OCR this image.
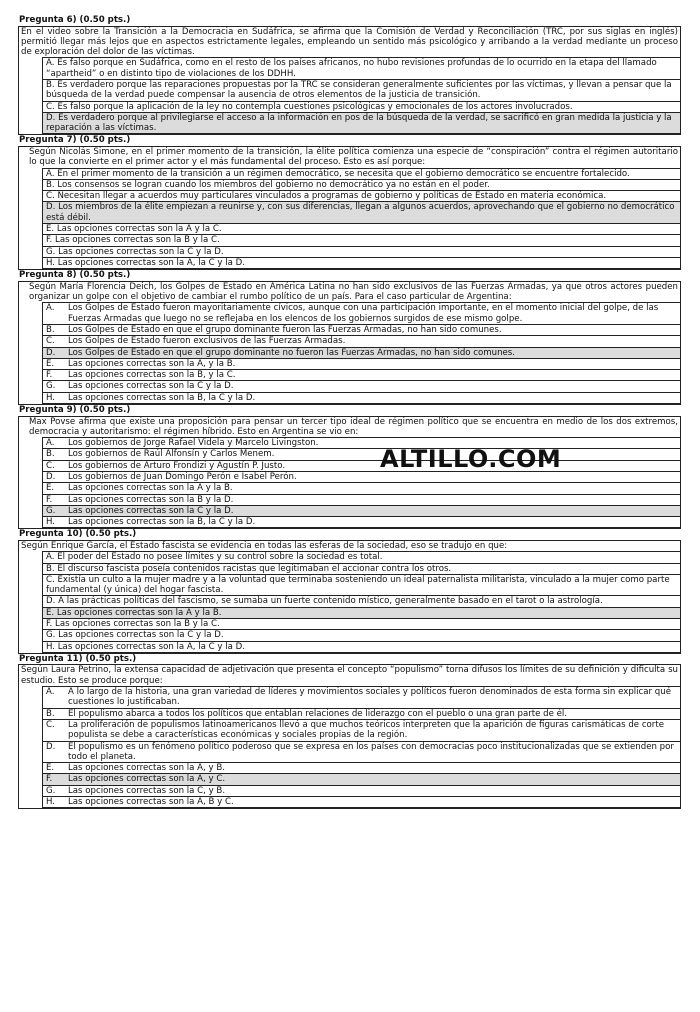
Pregunta 6) (0.50 pts.)
En el video sobre la Transición a la Democracia en Sudáfrica, se afirma que la Comisión de Verdad y Reconciliación (TRC, por sus siglas en inglés) permitió llegar más lejos que en aspectos estrictamente legales, empleando un sentido más psicológico y arribando a la verdad mediante un proceso de exploración del dolor de las víctimas.
A. Es falso porque en Sudáfrica, como en el resto de los países africanos, no hubo revisiones profundas de lo ocurrido en la etapa del llamado “apartheid” o en distinto tipo de violaciones de los DDHH.
B. Es verdadero porque las reparaciones propuestas por la TRC se consideran generalmente suficientes por las víctimas, y llevan a pensar que la búsqueda de la verdad puede compensar la ausencia de otros elementos de la justicia de transición.
C. Es falso porque la aplicación de la ley no contempla cuestiones psicológicas y emocionales de los actores involucrados.
D. Es verdadero porque al privilegiarse el acceso a la información en pos de la búsqueda de la verdad, se sacrificó en gran medida la justicia y la reparación a las víctimas.
Pregunta 7) (0.50 pts.)
Según Nicolás Simone, en el primer momento de la transición, la élite política comienza una especie de “conspiración” contra el régimen autoritario lo que la convierte en el primer actor y el más fundamental del proceso. Esto es así porque:
A. En el primer momento de la transición a un régimen democrático, se necesita que el gobierno democrático se encuentre fortalecido.
B. Los consensos se logran cuando los miembros del gobierno no democrático ya no están en el poder.
C. Necesitan llegar a acuerdos muy particulares vinculados a programas de gobierno y políticas de Estado en materia económica.
D. Los miembros de la élite empiezan a reunirse y, con sus diferencias, llegan a algunos acuerdos, aprovechando que el gobierno no democrático está débil.
E. Las opciones correctas son la A y la C.
F. Las opciones correctas son la B y la C.
G. Las opciones correctas son la C y la D.
H. Las opciones correctas son la A, la C y la D.
Pregunta 8) (0.50 pts.)
Según María Florencia Deich, los Golpes de Estado en América Latina no han sido exclusivos de las Fuerzas Armadas, ya que otros actores pueden organizar un golpe con el objetivo de cambiar el rumbo político de un país. Para el caso particular de Argentina:
A.	Los Golpes de Estado fueron mayoritariamente cívicos, aunque con una participación importante, en el momento inicial del golpe, de las Fuerzas Armadas que luego no se reflejaba en los elencos de los gobiernos surgidos de ese mismo golpe.
B.	Los Golpes de Estado en que el grupo dominante fueron las Fuerzas Armadas, no han sido comunes.
C.	Los Golpes de Estado fueron exclusivos de las Fuerzas Armadas.
D.	Los Golpes de Estado en que el grupo dominante no fueron las Fuerzas Armadas, no han sido comunes.
E.	Las opciones correctas son la A, y la B.
F.	Las opciones correctas son la B, y la C.
G.	Las opciones correctas son la C y la D.
H.	Las opciones correctas son la B, la C y la D.
Pregunta 9) (0.50 pts.)
Max Povse afirma que existe una proposición para pensar un tercer tipo ideal de régimen político que se encuentra en medio de los dos extremos, democracia y autoritarismo: el régimen híbrido. Esto en Argentina se vio en:
A.	Los gobiernos de Jorge Rafael Videla y Marcelo Livingston.
B.	Los gobiernos de Raúl Alfonsín y Carlos Menem.
C.	Los gobiernos de Arturo Frondizi y Agustín P. Justo.
D.	Los gobiernos de Juan Domingo Perón e Isabel Perón.
E.	Las opciones correctas son la A y la B.
F.	Las opciones correctas son la B y la D.
G.	Las opciones correctas son la C y la D.
H.	Las opciones correctas son la B, la C y la D.
Pregunta 10) (0.50 pts.)
Según Enrique García, el Estado fascista se evidencia en todas las esferas de la sociedad, eso se tradujo en que:
A. El poder del Estado no posee límites y su control sobre la sociedad es total.
B. El discurso fascista poseía contenidos racistas que legitimaban el accionar contra los otros.
C. Existía un culto a la mujer madre y a la voluntad que terminaba sosteniendo un ideal paternalista militarista, vinculado a la mujer como parte fundamental (y única) del hogar fascista.
D. A las prácticas políticas del fascismo, se sumaba un fuerte contenido místico, generalmente basado en el tarot o la astrología.
E. Las opciones correctas son la A y la B.
F. Las opciones correctas son la B y la C.
G. Las opciones correctas son la C y la D.
H. Las opciones correctas son la A, la C y la D.
Pregunta 11) (0.50 pts.)
Según Laura Petrino, la extensa capacidad de adjetivación que presenta el concepto “populismo” torna difusos los límites de su definición y dificulta su estudio. Esto se produce porque:
A.	A lo largo de la historia, una gran variedad de líderes y movimientos sociales y políticos fueron denominados de esta forma sin explicar qué cuestiones lo justificaban.
B.	El populismo abarca a todos los políticos que entablan relaciones de liderazgo con el pueblo o una gran parte de él.
C.	La proliferación de populismos latinoamericanos llevó a que muchos teóricos interpreten que la aparición de figuras carismáticas de corte populista se debe a características económicas y sociales propias de la región.
D.	El populismo es un fenómeno político poderoso que se expresa en los países con democracias poco institucionalizadas que se extienden por todo el planeta.
E.	Las opciones correctas son la A, y B.
F.	Las opciones correctas son la A, y C.
G.	Las opciones correctas son la C, y B.
H.	Las opciones correctas son la A, B y C.
ALTILLO.COM
